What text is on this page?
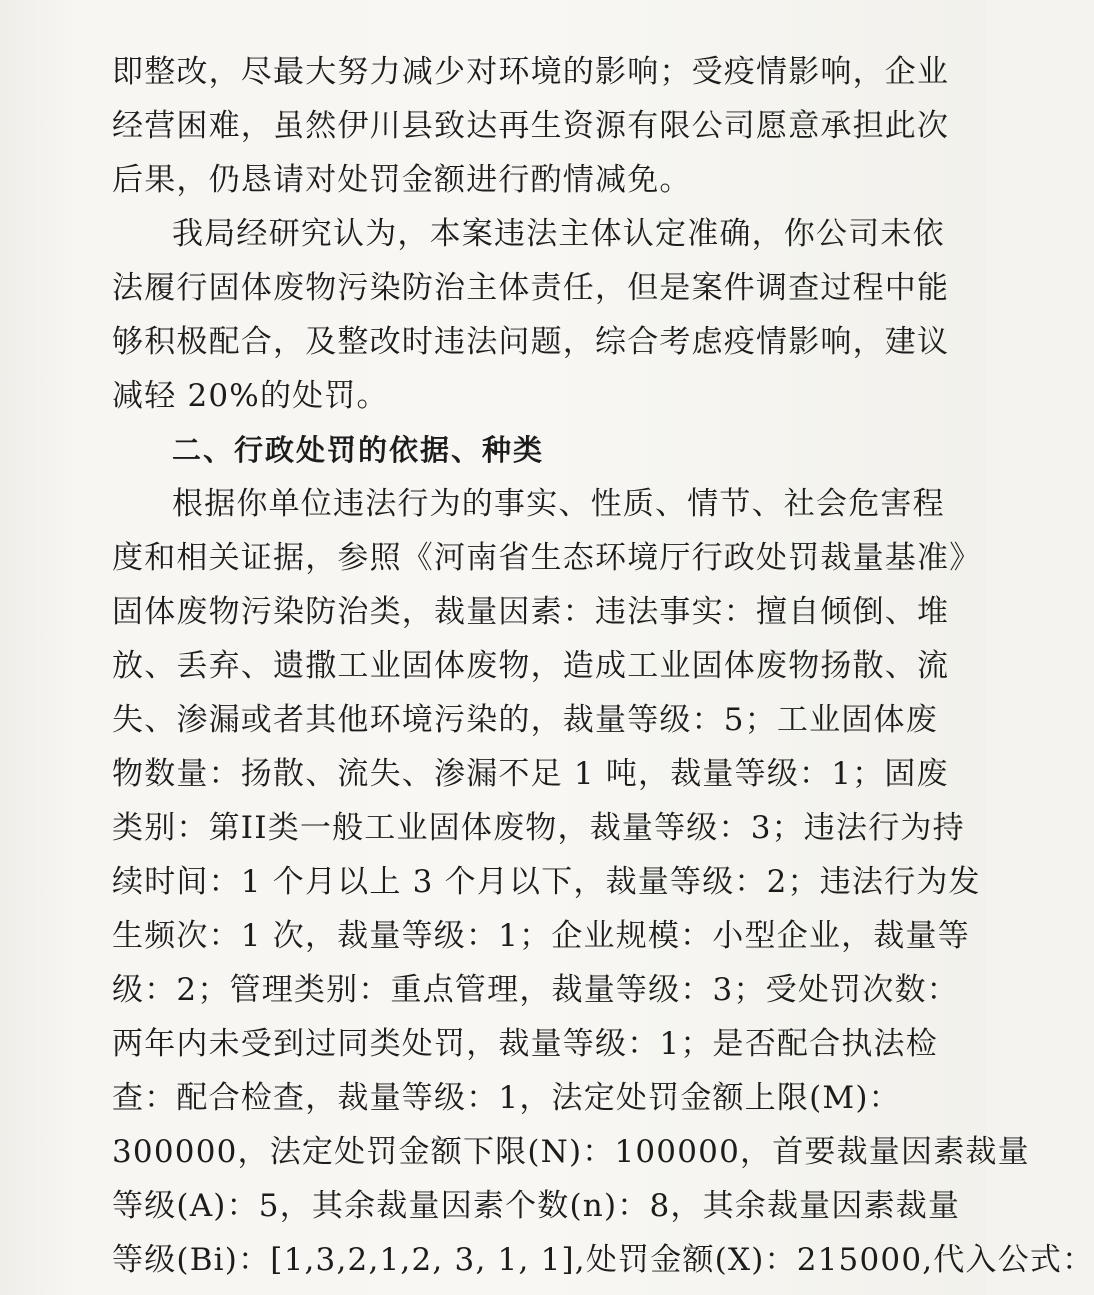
即整改，尽最大努力减少对环境的影响；受疫情影响，企业
经营困难，虽然伊川县致达再生资源有限公司愿意承担此次
后果，仍恳请对处罚金额进行酌情减免。
我局经研究认为，本案违法主体认定准确，你公司未依
法履行固体废物污染防治主体责任，但是案件调查过程中能
够积极配合，及整改时违法问题，综合考虑疫情影响，建议
减轻 20%的处罚。
二、行政处罚的依据、种类
根据你单位违法行为的事实、性质、情节、社会危害程
度和相关证据，参照《河南省生态环境厅行政处罚裁量基准》
固体废物污染防治类，裁量因素：违法事实：擅自倾倒、堆
放、丢弃、遗撒工业固体废物，造成工业固体废物扬散、流
失、渗漏或者其他环境污染的，裁量等级：5；工业固体废
物数量：扬散、流失、渗漏不足 1 吨，裁量等级：1；固废
类别：第II类一般工业固体废物，裁量等级：3；违法行为持
续时间：1 个月以上 3 个月以下，裁量等级：2；违法行为发
生频次：1 次，裁量等级：1；企业规模：小型企业，裁量等
级：2；管理类别：重点管理，裁量等级：3；受处罚次数：
两年内未受到过同类处罚，裁量等级：1；是否配合执法检
查：配合检查，裁量等级：1，法定处罚金额上限(M)：
300000，法定处罚金额下限(N)：100000，首要裁量因素裁量
等级(A)：5，其余裁量因素个数(n)：8，其余裁量因素裁量
等级(Bi)：[1,3,2,1,2, 3, 1, 1],处罚金额(X)：215000,代入公式：
